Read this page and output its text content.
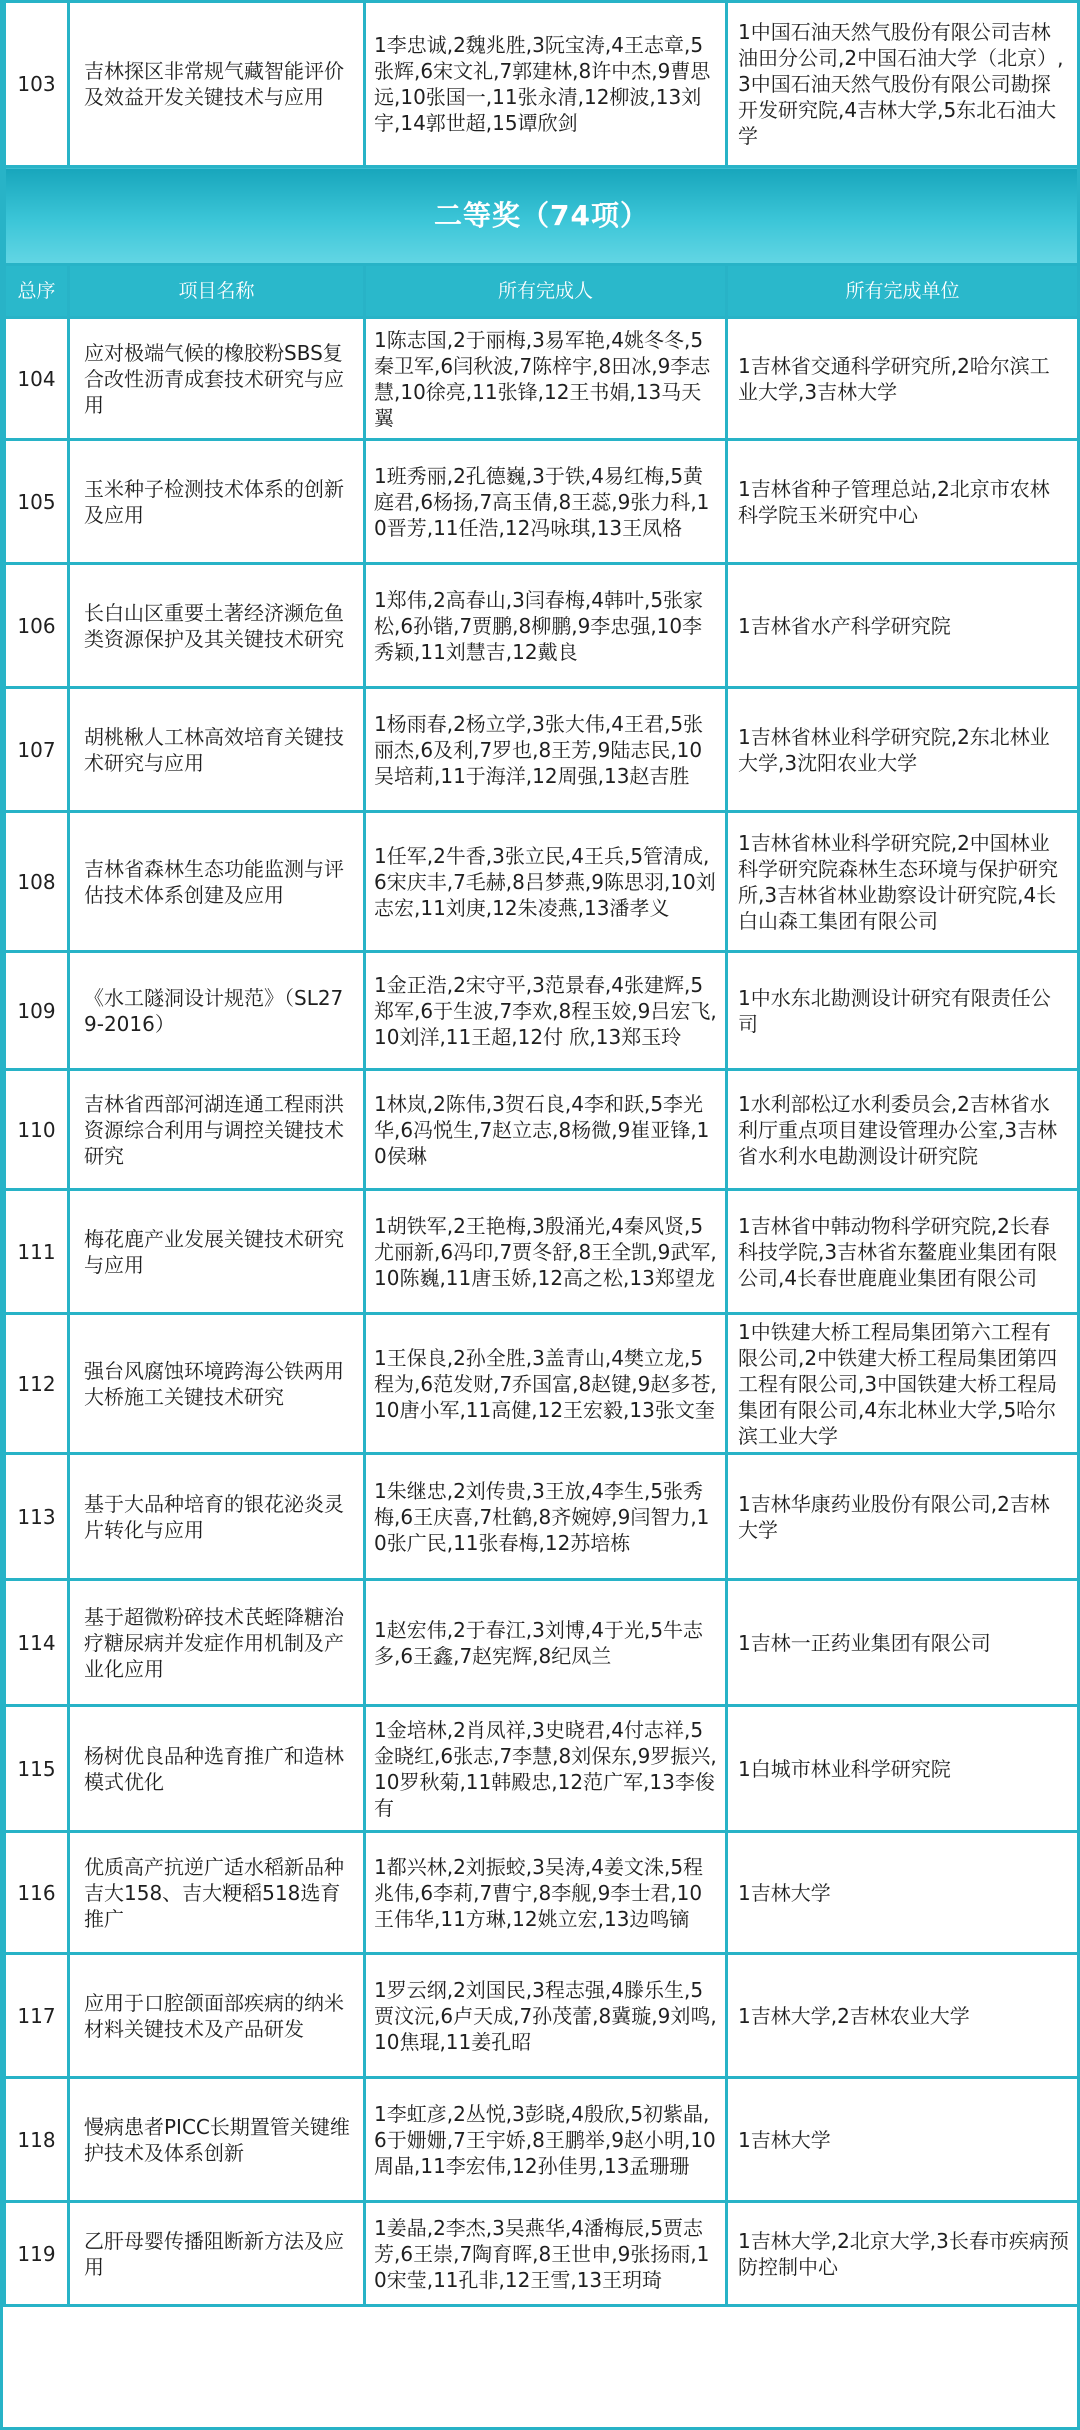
103	吉林探区非常规气藏智能评价及效益开发关键技术与应用	1李忠诚,2魏兆胜,3阮宝涛,4王志章,5张辉,6宋文礼,7郭建林,8许中杰,9曹思远,10张国一,11张永清,12柳波,13刘宇,14郭世超,15谭欣剑	1中国石油天然气股份有限公司吉林油田分公司,2中国石油大学（北京）,3中国石油天然气股份有限公司勘探开发研究院,4吉林大学,5东北石油大学
二等奖（74项）			
总序	项目名称	所有完成人	所有完成单位
104	应对极端气候的橡胶粉SBS复合改性沥青成套技术研究与应用	1陈志国,2于丽梅,3易军艳,4姚冬冬,5秦卫军,6闫秋波,7陈梓宇,8田冰,9李志慧,10徐亮,11张锋,12王书娟,13马天翼	1吉林省交通科学研究所,2哈尔滨工业大学,3吉林大学
105	玉米种子检测技术体系的创新及应用	1班秀丽,2孔德巍,3于铁,4易红梅,5黄庭君,6杨扬,7高玉倩,8王蕊,9张力科,10晋芳,11任浩,12冯咏琪,13王凤格	1吉林省种子管理总站,2北京市农林科学院玉米研究中心
106	长白山区重要土著经济濒危鱼类资源保护及其关键技术研究	1郑伟,2高春山,3闫春梅,4韩叶,5张家松,6孙锴,7贾鹏,8柳鹏,9李忠强,10李秀颖,11刘慧吉,12戴良	1吉林省水产科学研究院
107	胡桃楸人工林高效培育关键技术研究与应用	1杨雨春,2杨立学,3张大伟,4王君,5张丽杰,6及利,7罗也,8王芳,9陆志民,10吴培莉,11于海洋,12周强,13赵吉胜	1吉林省林业科学研究院,2东北林业大学,3沈阳农业大学
108	吉林省森林生态功能监测与评估技术体系创建及应用	1任军,2牛香,3张立民,4王兵,5管清成,6宋庆丰,7毛赫,8吕梦燕,9陈思羽,10刘志宏,11刘庚,12朱凌燕,13潘孝义	1吉林省林业科学研究院,2中国林业科学研究院森林生态环境与保护研究所,3吉林省林业勘察设计研究院,4长白山森工集团有限公司
109	《水工隧洞设计规范》（SL279-2016）	1金正浩,2宋守平,3范景春,4张建辉,5郑军,6于生波,7李欢,8程玉姣,9吕宏飞,10刘洋,11王超,12付 欣,13郑玉玲	1中水东北勘测设计研究有限责任公司
110	吉林省西部河湖连通工程雨洪资源综合利用与调控关键技术研究	1林岚,2陈伟,3贺石良,4李和跃,5李光华,6冯悦生,7赵立志,8杨微,9崔亚锋,10侯琳	1水利部松辽水利委员会,2吉林省水利厅重点项目建设管理办公室,3吉林省水利水电勘测设计研究院
111	梅花鹿产业发展关键技术研究与应用	1胡铁军,2王艳梅,3殷涌光,4秦风贤,5尤丽新,6冯印,7贾冬舒,8王全凯,9武军,10陈巍,11唐玉娇,12高之松,13郑望龙	1吉林省中韩动物科学研究院,2长春科技学院,3吉林省东鳌鹿业集团有限公司,4长春世鹿鹿业集团有限公司
112	强台风腐蚀环境跨海公铁两用大桥施工关键技术研究	1王保良,2孙全胜,3盖青山,4樊立龙,5程为,6范发财,7乔国富,8赵键,9赵多苍,10唐小军,11高健,12王宏毅,13张文奎	1中铁建大桥工程局集团第六工程有限公司,2中铁建大桥工程局集团第四工程有限公司,3中国铁建大桥工程局集团有限公司,4东北林业大学,5哈尔滨工业大学
113	基于大品种培育的银花泌炎灵片转化与应用	1朱继忠,2刘传贵,3王放,4李生,5张秀梅,6王庆喜,7杜鹤,8齐婉婷,9闫智力,10张广民,11张春梅,12苏培栋	1吉林华康药业股份有限公司,2吉林大学
114	基于超微粉碎技术芪蛭降糖治疗糖尿病并发症作用机制及产业化应用	1赵宏伟,2于春江,3刘博,4于光,5牛志多,6王鑫,7赵宪辉,8纪凤兰	1吉林一正药业集团有限公司
115	杨树优良品种选育推广和造林模式优化	1金培林,2肖凤祥,3史晓君,4付志祥,5金晓红,6张志,7李慧,8刘保东,9罗振兴,10罗秋菊,11韩殿忠,12范广军,13李俊有	1白城市林业科学研究院
116	优质高产抗逆广适水稻新品种吉大158、吉大粳稻518选育推广	1都兴林,2刘振蛟,3吴涛,4姜文洙,5程兆伟,6李莉,7曹宁,8李舰,9李士君,10王伟华,11方琳,12姚立宏,13边鸣镝	1吉林大学
117	应用于口腔颌面部疾病的纳米材料关键技术及产品研发	1罗云纲,2刘国民,3程志强,4滕乐生,5贾汶沅,6卢天成,7孙茂蕾,8冀璇,9刘鸣,10焦琨,11姜孔昭	1吉林大学,2吉林农业大学
118	慢病患者PICC长期置管关键维护技术及体系创新	1李虹彦,2丛悦,3彭晓,4殷欣,5初紫晶,6于姗姗,7王宇娇,8王鹏举,9赵小明,10周晶,11李宏伟,12孙佳男,13孟珊珊	1吉林大学
119	乙肝母婴传播阻断新方法及应用	1姜晶,2李杰,3吴燕华,4潘梅辰,5贾志芳,6王崇,7陶育晖,8王世申,9张扬雨,10宋莹,11孔非,12王雪,13王玥琦	1吉林大学,2北京大学,3长春市疾病预防控制中心
